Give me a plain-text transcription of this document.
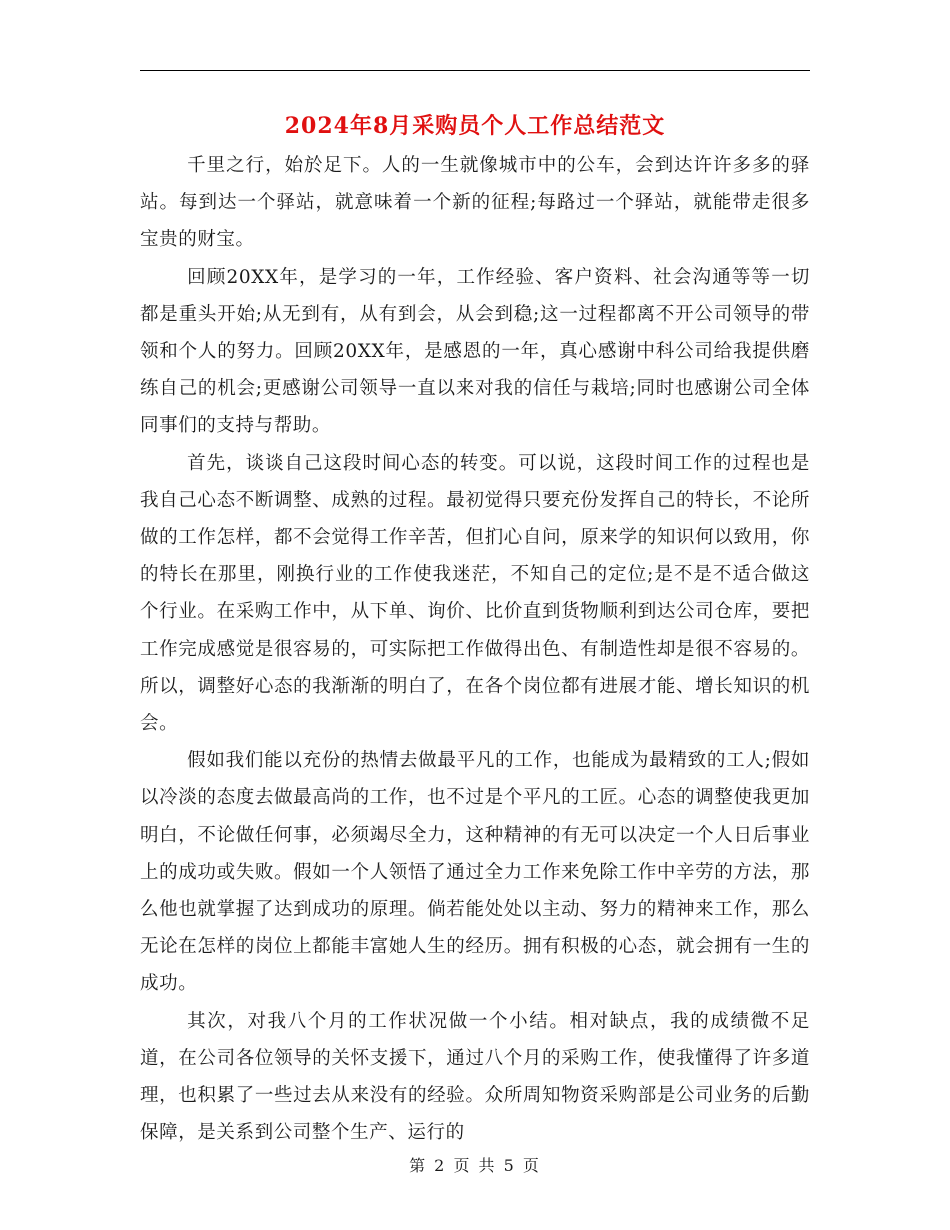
2024年8月采购员个人工作总结范文

千里之行，始於足下。人的一生就像城市中的公车，会到达许许多多的驿站。每到达一个驿站，就意味着一个新的征程;每路过一个驿站，就能带走很多宝贵的财宝。

回顾20XX年，是学习的一年，工作经验、客户资料、社会沟通等等一切都是重头开始;从无到有，从有到会，从会到稳;这一过程都离不开公司领导的带领和个人的努力。回顾20XX年，是感恩的一年，真心感谢中科公司给我提供磨练自己的机会;更感谢公司领导一直以来对我的信任与栽培;同时也感谢公司全体同事们的支持与帮助。

首先，谈谈自己这段时间心态的转变。可以说，这段时间工作的过程也是我自己心态不断调整、成熟的过程。最初觉得只要充份发挥自己的特长，不论所做的工作怎样，都不会觉得工作辛苦，但扪心自问，原来学的知识何以致用，你的特长在那里，刚换行业的工作使我迷茫，不知自己的定位;是不是不适合做这个行业。在采购工作中，从下单、询价、比价直到货物顺利到达公司仓库，要把工作完成感觉是很容易的，可实际把工作做得出色、有制造性却是很不容易的。所以，调整好心态的我渐渐的明白了，在各个岗位都有进展才能、增长知识的机会。

假如我们能以充份的热情去做最平凡的工作，也能成为最精致的工人;假如以冷淡的态度去做最高尚的工作，也不过是个平凡的工匠。心态的调整使我更加明白，不论做任何事，必须竭尽全力，这种精神的有无可以决定一个人日后事业上的成功或失败。假如一个人领悟了通过全力工作来免除工作中辛劳的方法，那么他也就掌握了达到成功的原理。倘若能处处以主动、努力的精神来工作，那么无论在怎样的岗位上都能丰富她人生的经历。拥有积极的心态，就会拥有一生的成功。

其次，对我八个月的工作状况做一个小结。相对缺点，我的成绩微不足道，在公司各位领导的关怀支援下，通过八个月的采购工作，使我懂得了许多道理，也积累了一些过去从来没有的经验。众所周知物资采购部是公司业务的后勤保障，是关系到公司整个生产、运行的

第 2 页 共 5 页
